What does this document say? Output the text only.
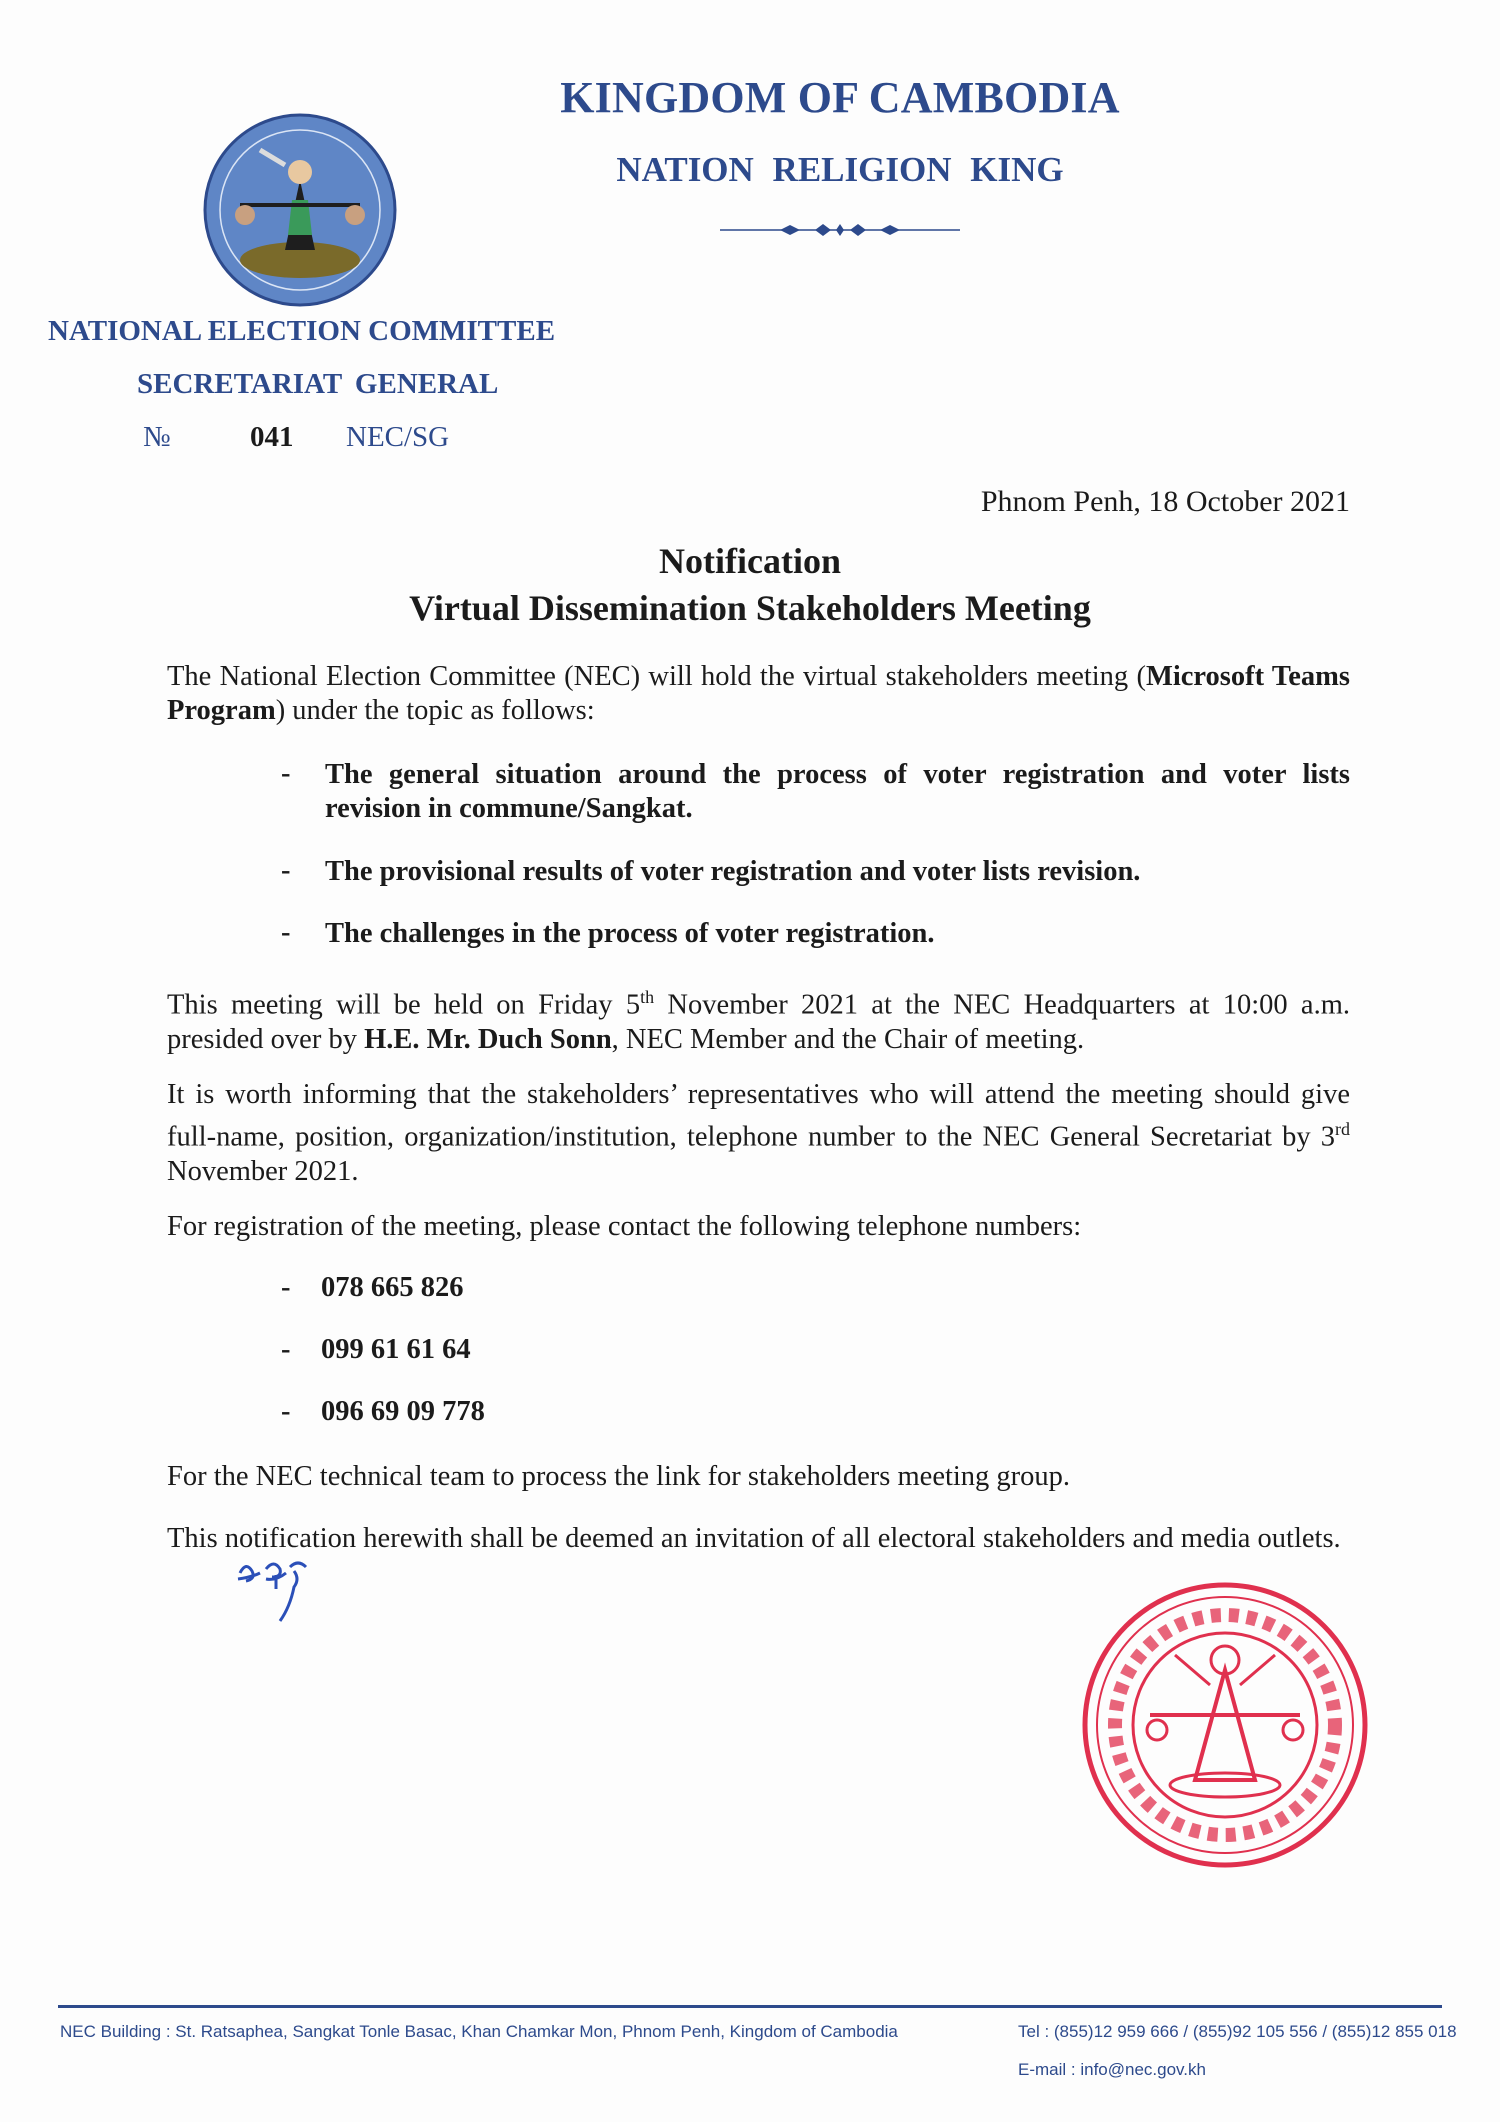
KINGDOM OF CAMBODIA
NATION RELIGION KING
NATIONAL ELECTION COMMITTEE
SECRETARIAT GENERAL
№	041 NEC/SG
Phnom Penh, 18 October 2021
Notification
Virtual Dissemination Stakeholders Meeting
The National Election Committee (NEC) will hold the virtual stakeholders meeting (Microsoft Teams Program) under the topic as follows:
- The general situation around the process of voter registration and voter lists revision in commune/Sangkat.
- The provisional results of voter registration and voter lists revision.
- The challenges in the process of voter registration.
This meeting will be held on Friday 5th November 2021 at the NEC Headquarters at 10:00 a.m. presided over by H.E. Mr. Duch Sonn, NEC Member and the Chair of meeting.
It is worth informing that the stakeholders’ representatives who will attend the meeting should give full-name, position, organization/institution, telephone number to the NEC General Secretariat by 3rd November 2021.
For registration of the meeting, please contact the following telephone numbers:
- 078 665 826
- 099 61 61 64
- 096 69 09 778
For the NEC technical team to process the link for stakeholders meeting group.
This notification herewith shall be deemed an invitation of all electoral stakeholders and media outlets.
NEC Building : St. Ratsaphea, Sangkat Tonle Basac, Khan Chamkar Mon, Phnom Penh, Kingdom of Cambodia	Tel : (855)12 959 666 / (855)92 105 556 / (855)12 855 018
E-mail : info@nec.gov.kh
